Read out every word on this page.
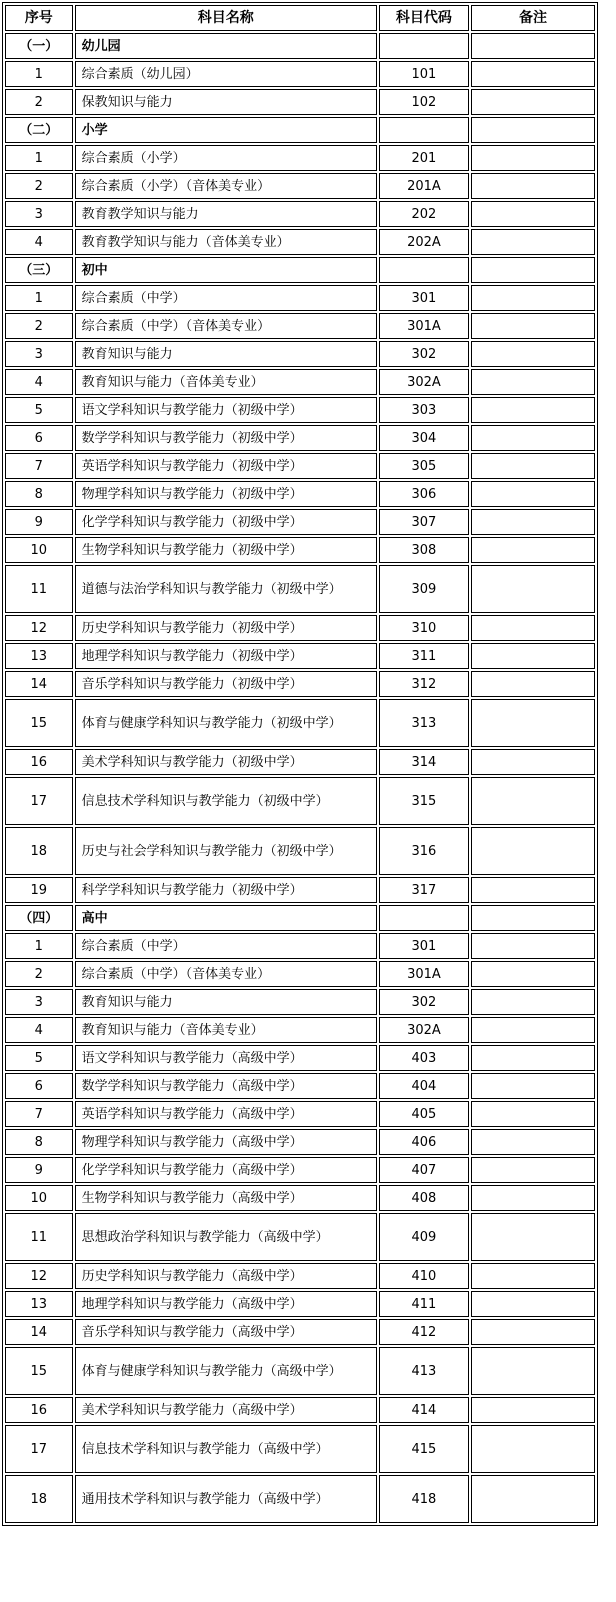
序号	科目名称	科目代码	备注
（一）	幼儿园		
1	综合素质（幼儿园）	101	
2	保教知识与能力	102	
（二）	小学		
1	综合素质（小学）	201	
2	综合素质（小学）（音体美专业）	201A	
3	教育教学知识与能力	202	
4	教育教学知识与能力（音体美专业）	202A	
（三）	初中		
1	综合素质（中学）	301	
2	综合素质（中学）（音体美专业）	301A	
3	教育知识与能力	302	
4	教育知识与能力（音体美专业）	302A	
5	语文学科知识与教学能力（初级中学）	303	
6	数学学科知识与教学能力（初级中学）	304	
7	英语学科知识与教学能力（初级中学）	305	
8	物理学科知识与教学能力（初级中学）	306	
9	化学学科知识与教学能力（初级中学）	307	
10	生物学科知识与教学能力（初级中学）	308	
11	道德与法治学科知识与教学能力（初级中学）	309	
12	历史学科知识与教学能力（初级中学）	310	
13	地理学科知识与教学能力（初级中学）	311	
14	音乐学科知识与教学能力（初级中学）	312	
15	体育与健康学科知识与教学能力（初级中学）	313	
16	美术学科知识与教学能力（初级中学）	314	
17	信息技术学科知识与教学能力（初级中学）	315	
18	历史与社会学科知识与教学能力（初级中学）	316	
19	科学学科知识与教学能力（初级中学）	317	
（四）	高中		
1	综合素质（中学）	301	
2	综合素质（中学）（音体美专业）	301A	
3	教育知识与能力	302	
4	教育知识与能力（音体美专业）	302A	
5	语文学科知识与教学能力（高级中学）	403	
6	数学学科知识与教学能力（高级中学）	404	
7	英语学科知识与教学能力（高级中学）	405	
8	物理学科知识与教学能力（高级中学）	406	
9	化学学科知识与教学能力（高级中学）	407	
10	生物学科知识与教学能力（高级中学）	408	
11	思想政治学科知识与教学能力（高级中学）	409	
12	历史学科知识与教学能力（高级中学）	410	
13	地理学科知识与教学能力（高级中学）	411	
14	音乐学科知识与教学能力（高级中学）	412	
15	体育与健康学科知识与教学能力（高级中学）	413	
16	美术学科知识与教学能力（高级中学）	414	
17	信息技术学科知识与教学能力（高级中学）	415	
18	通用技术学科知识与教学能力（高级中学）	418	
